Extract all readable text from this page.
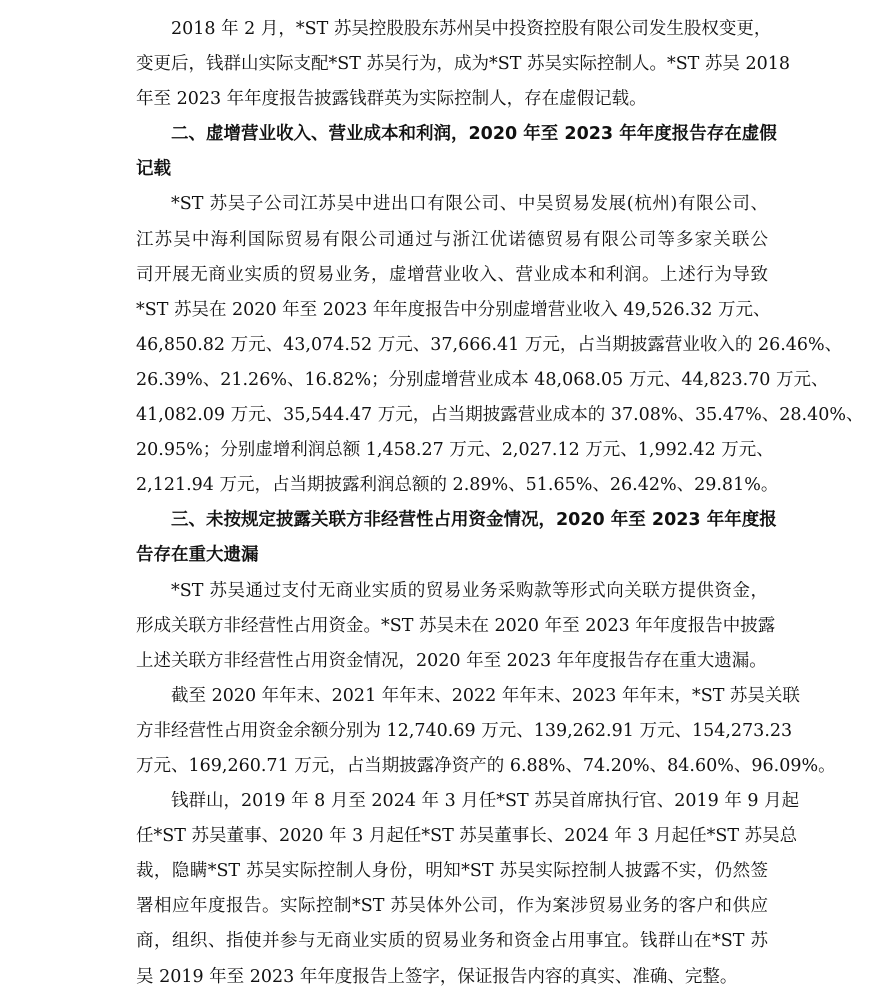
2018 年 2 月，*ST 苏吴控股股东苏州吴中投资控股有限公司发生股权变更，
变更后，钱群山实际支配*ST 苏吴行为，成为*ST 苏吴实际控制人。*ST 苏吴 2018
年至 2023 年年度报告披露钱群英为实际控制人，存在虚假记载。
二、虚增营业收入、营业成本和利润，2020 年至 2023 年年度报告存在虚假
记载
*ST 苏吴子公司江苏吴中进出口有限公司、中吴贸易发展(杭州)有限公司、
江苏吴中海利国际贸易有限公司通过与浙江优诺德贸易有限公司等多家关联公
司开展无商业实质的贸易业务，虚增营业收入、营业成本和利润。上述行为导致
*ST 苏吴在 2020 年至 2023 年年度报告中分别虚增营业收入 49,526.32 万元、
46,850.82 万元、43,074.52 万元、37,666.41 万元，占当期披露营业收入的 26.46%、
26.39%、21.26%、16.82%；分别虚增营业成本 48,068.05 万元、44,823.70 万元、
41,082.09 万元、35,544.47 万元，占当期披露营业成本的 37.08%、35.47%、28.40%、
20.95%；分别虚增利润总额 1,458.27 万元、2,027.12 万元、1,992.42 万元、
2,121.94 万元，占当期披露利润总额的 2.89%、51.65%、26.42%、29.81%。
三、未按规定披露关联方非经营性占用资金情况，2020 年至 2023 年年度报
告存在重大遗漏
*ST 苏吴通过支付无商业实质的贸易业务采购款等形式向关联方提供资金，
形成关联方非经营性占用资金。*ST 苏吴未在 2020 年至 2023 年年度报告中披露
上述关联方非经营性占用资金情况，2020 年至 2023 年年度报告存在重大遗漏。
截至 2020 年年末、2021 年年末、2022 年年末、2023 年年末，*ST 苏吴关联
方非经营性占用资金余额分别为 12,740.69 万元、139,262.91 万元、154,273.23
万元、169,260.71 万元，占当期披露净资产的 6.88%、74.20%、84.60%、96.09%。
钱群山，2019 年 8 月至 2024 年 3 月任*ST 苏吴首席执行官、2019 年 9 月起
任*ST 苏吴董事、2020 年 3 月起任*ST 苏吴董事长、2024 年 3 月起任*ST 苏吴总
裁，隐瞒*ST 苏吴实际控制人身份，明知*ST 苏吴实际控制人披露不实，仍然签
署相应年度报告。实际控制*ST 苏吴体外公司，作为案涉贸易业务的客户和供应
商，组织、指使并参与无商业实质的贸易业务和资金占用事宜。钱群山在*ST 苏
吴 2019 年至 2023 年年度报告上签字，保证报告内容的真实、准确、完整。
